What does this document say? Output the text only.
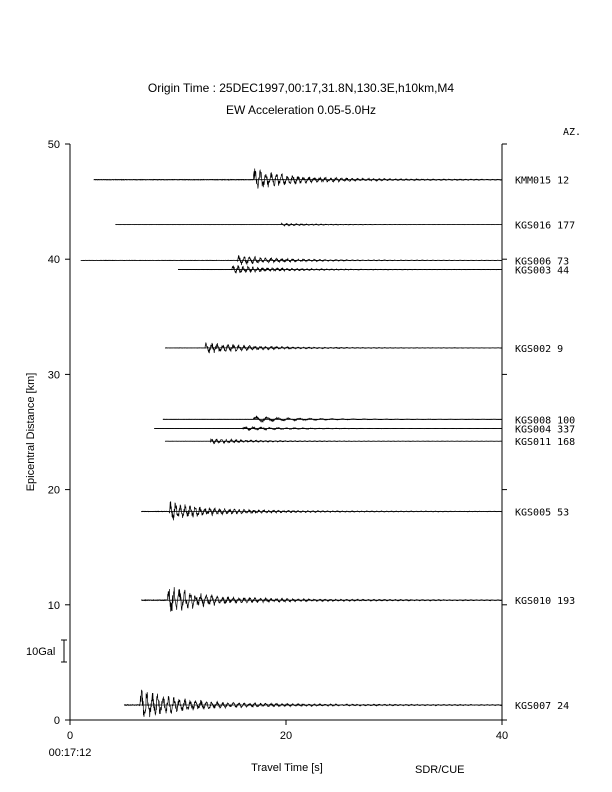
Origin Time : 25DEC1997,00:17,31.8N,130.3E,h10km,M4
EW Acceleration 0.05-5.0Hz
0
10
20
30
40
50
0	20	40
KMM015 12
KGS016 177
KGS006 73
KGS003 44
KGS002 9
KGS008 100
KGS004 337
KGS011 168
KGS005 53
KGS010 193
KGS007 24
Travel Time [s]
Epicentral Distance [km]
00:17:12
AZ.
SDR/CUE
10Gal
